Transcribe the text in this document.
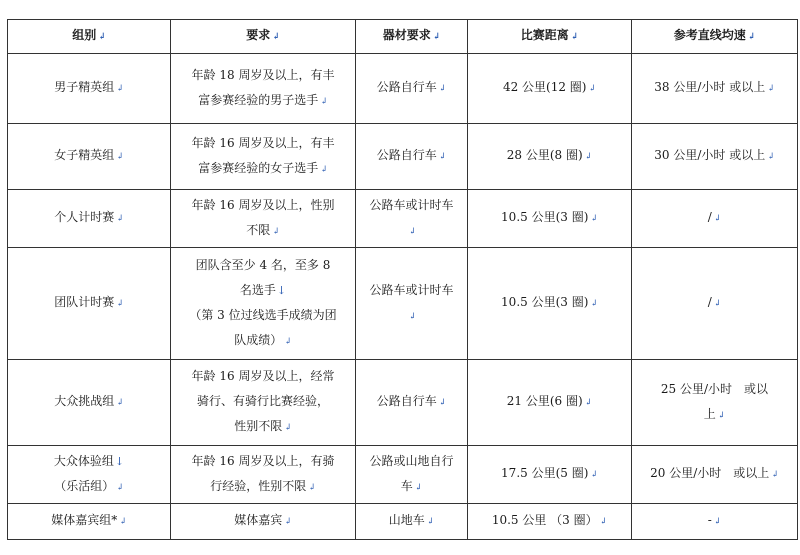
组别 ↲	要求 ↲	器材要求 ↲	比赛距离 ↲	参考直线均速 ↲
男子精英组 ↲	年龄 18 周岁及以上，有丰
富参赛经验的男子选手 ↲	公路自行车 ↲	42 公里(12 圈) ↲	38 公里/小时 或以上 ↲
女子精英组 ↲	年龄 16 周岁及以上，有丰
富参赛经验的女子选手 ↲	公路自行车 ↲	28 公里(8 圈) ↲	30 公里/小时 或以上 ↲
个人计时赛 ↲	年龄 16 周岁及以上，性别
不限 ↲	公路车或计时车↲	10.5 公里(3 圈) ↲	/ ↲
团队计时赛 ↲	团队含至少 4 名，至多 8
名选手↓
（第 3 位过线选手成绩为团
队成绩） ↲	公路车或计时车↲	10.5 公里(3 圈) ↲	/ ↲
大众挑战组 ↲	年龄 16 周岁及以上，经常
骑行、有骑行比赛经验，
性别不限 ↲	公路自行车 ↲	21 公里(6 圈) ↲	25 公里/小时　或以
上 ↲

大众体验组↓
（乐活组） ↲	年龄 16 周岁及以上，有骑
行经验，性别不限 ↲	公路或山地自行
车 ↲	17.5 公里(5 圈) ↲	20 公里/小时　或以上 ↲
媒体嘉宾组* ↲	媒体嘉宾 ↲	山地车 ↲	10.5 公里 （3 圈） ↲	- ↲
